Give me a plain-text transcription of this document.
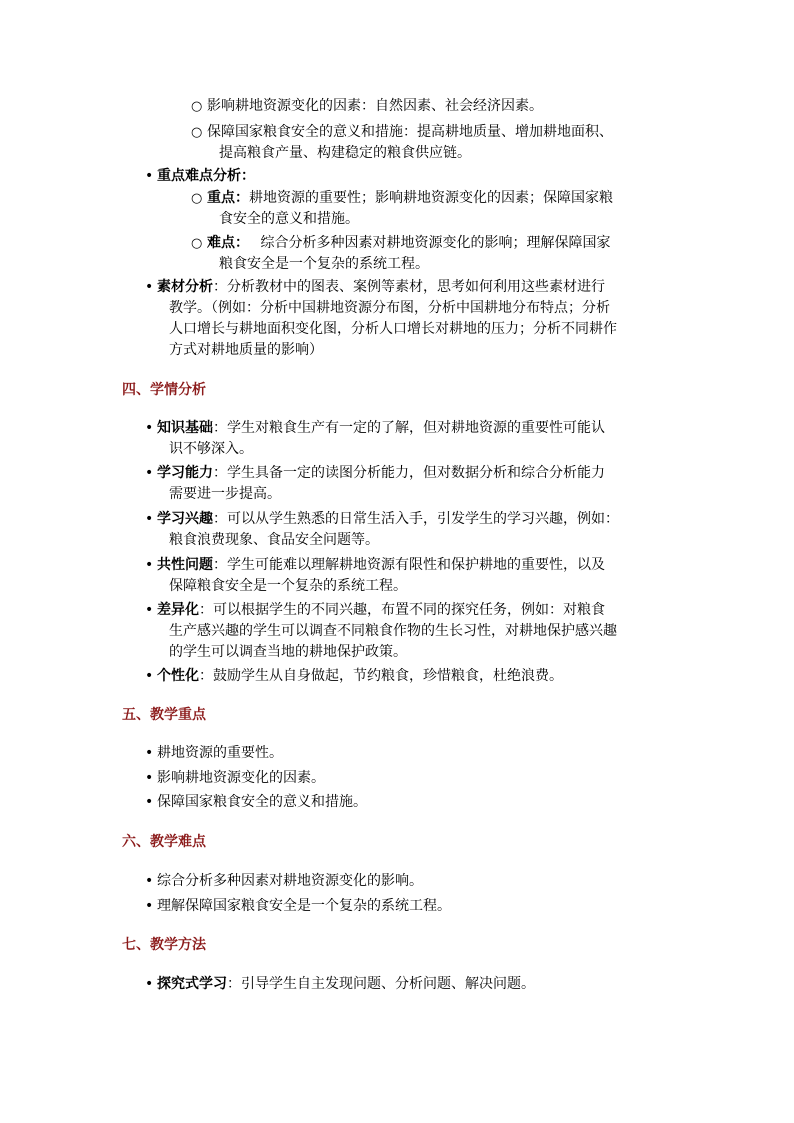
○ 影响耕地资源变化的因素：自然因素、社会经济因素。
○ 保障国家粮食安全的意义和措施：提高耕地质量、增加耕地面积、
提高粮食产量、构建稳定的粮食供应链。
• 重点难点分析：
○ 重点：耕地资源的重要性；影响耕地资源变化的因素；保障国家粮
食安全的意义和措施。
○ 难点：　 综合分析多种因素对耕地资源变化的影响；理解保障国家
粮食安全是一个复杂的系统工程。
• 素材分析：分析教材中的图表、案例等素材，思考如何利用这些素材进行
教学。（例如：分析中国耕地资源分布图，分析中国耕地分布特点；分析
人口增长与耕地面积变化图，分析人口增长对耕地的压力；分析不同耕作
方式对耕地质量的影响）
四、学情分析
• 知识基础：学生对粮食生产有一定的了解，但对耕地资源的重要性可能认
识不够深入。
• 学习能力：学生具备一定的读图分析能力，但对数据分析和综合分析能力
需要进一步提高。
• 学习兴趣：可以从学生熟悉的日常生活入手，引发学生的学习兴趣，例如：
粮食浪费现象、食品安全问题等。
• 共性问题：学生可能难以理解耕地资源有限性和保护耕地的重要性，以及
保障粮食安全是一个复杂的系统工程。
• 差异化：可以根据学生的不同兴趣，布置不同的探究任务，例如：对粮食
生产感兴趣的学生可以调查不同粮食作物的生长习性，对耕地保护感兴趣
的学生可以调查当地的耕地保护政策。
• 个性化：鼓励学生从自身做起，节约粮食，珍惜粮食，杜绝浪费。
五、教学重点
• 耕地资源的重要性。
• 影响耕地资源变化的因素。
• 保障国家粮食安全的意义和措施。
六、教学难点
• 综合分析多种因素对耕地资源变化的影响。
• 理解保障国家粮食安全是一个复杂的系统工程。
七、教学方法
• 探究式学习：引导学生自主发现问题、分析问题、解决问题。
